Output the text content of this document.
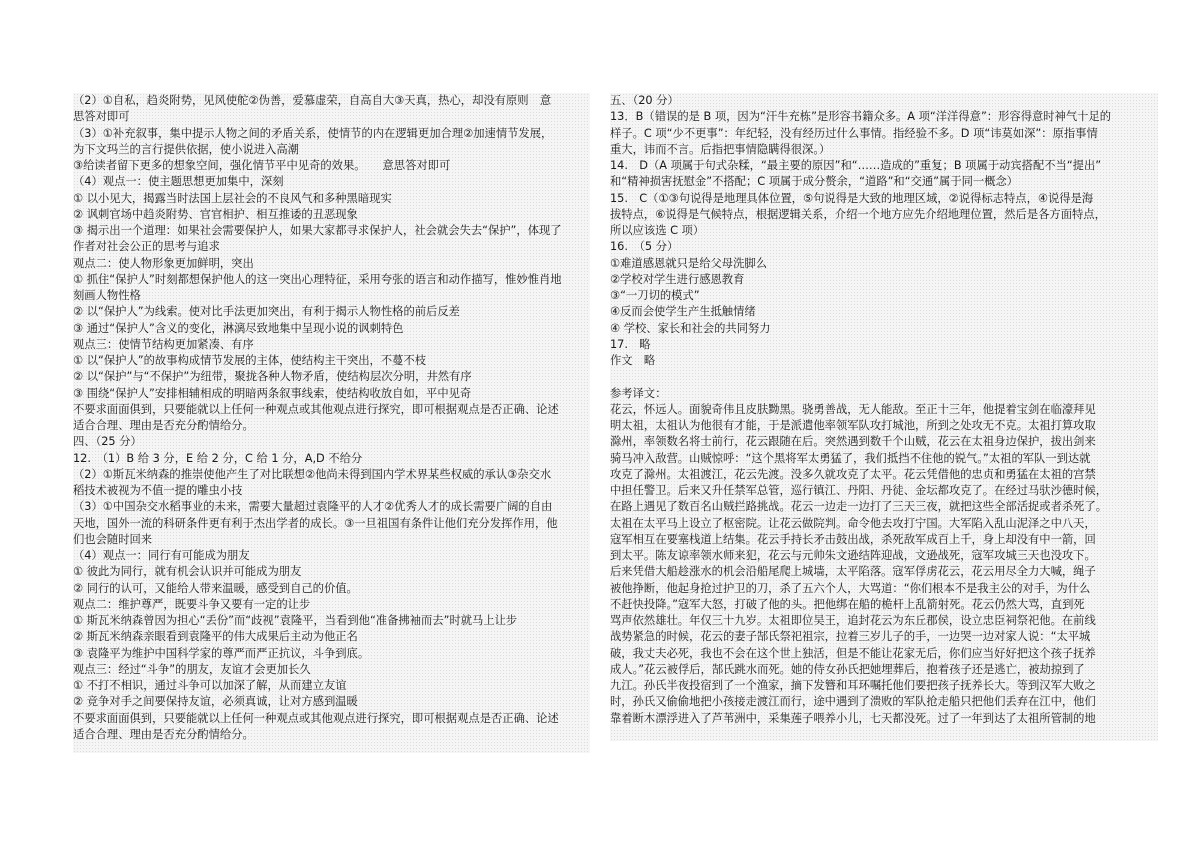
（2）①自私，趋炎附势，见风使舵②伪善，爱慕虚荣，自高自大③天真，热心，却没有原则　意
思答对即可
（3）①补充叙事，集中提示人物之间的矛盾关系，使情节的内在逻辑更加合理②加速情节发展，
为下文玛兰的言行提供依据，使小说进入高潮
③给读者留下更多的想象空间，强化情节平中见奇的效果。　　意思答对即可
（4）观点一：使主题思想更加集中，深刻
① 以小见大，揭露当时法国上层社会的不良风气和多种黑暗现实
② 讽刺官场中趋炎附势、官官相护、相互推诿的丑恶现象
③ 揭示出一个道理：如果社会需要保护人，如果大家都寻求保护人，社会就会失去“保护”，体现了
作者对社会公正的思考与追求
观点二：使人物形象更加鲜明，突出
① 抓住“保护人”时刻都想保护他人的这一突出心理特征，采用夸张的语言和动作描写，惟妙惟肖地
刻画人物性格
② 以“保护人”为线索。使对比手法更加突出，有利于揭示人物性格的前后反差
③ 通过“保护人”含义的变化，淋漓尽致地集中呈现小说的讽刺特色
观点三：使情节结构更加紧凑、有序
① 以“保护人”的故事构成情节发展的主体，使结构主干突出，不蔓不枝
② 以“保护”与“不保护”为纽带，聚拢各种人物矛盾，使结构层次分明，井然有序
③ 围绕“保护人”安排相辅相成的明暗两条叙事线索，使结构收放自如，平中见奇
不要求面面俱到，只要能就以上任何一种观点或其他观点进行探究，即可根据观点是否正确、论述
适合合理、理由是否充分酌情给分。
四、（25 分）
12.　（1）B 给 3 分，E 给 2 分，C 给 1 分，A,D 不给分
（2）①斯瓦米纳森的推崇使他产生了对比联想②他尚未得到国内学术界某些权威的承认③杂交水
稻技术被视为不值一提的雕虫小技
（3）①中国杂交水稻事业的未来，需要大量超过袁隆平的人才②优秀人才的成长需要广阔的自由
天地，国外一流的科研条件更有利于杰出学者的成长。③一旦祖国有条件让他们充分发挥作用，他
们也会随时回来
（4）观点一：同行有可能成为朋友
① 彼此为同行，就有机会认识并可能成为朋友
② 同行的认可，又能给人带来温暖，感受到自己的价值。
观点二：维护尊严，既要斗争又要有一定的让步
① 斯瓦米纳森曾因为担心“丢份”而“歧视”袁隆平，当看到他“准备拂袖而去”时就马上让步
② 斯瓦米纳森亲眼看到袁隆平的伟大成果后主动为他正名
③ 袁隆平为维护中国科学家的尊严而严正抗议，斗争到底。
观点三：经过“斗争”的朋友，友谊才会更加长久
① 不打不相识，通过斗争可以加深了解，从而建立友谊
② 竞争对手之间要保持友谊，必须真诚，让对方感到温暖
不要求面面俱到，只要能就以上任何一种观点或其他观点进行探究，即可根据观点是否正确、论述
适合合理、理由是否充分酌情给分。
五、（20 分）
13．B（错误的是 B 项，因为“汗牛充栋”是形容书籍众多。A 项“洋洋得意”：形容得意时神气十足的
样子。C 项“少不更事”：年纪轻，没有经历过什么事情。指经验不多。D 项“讳莫如深”：原指事情
重大，讳而不言。后指把事情隐瞒得很深。）
14.　D（A 项属于句式杂糅，“最主要的原因”和“……造成的”重复；B 项属于动宾搭配不当“提出”
和“精神损害抚慰金”不搭配；C 项属于成分赘余，“道路”和“交通”属于同一概念）
15.　C（①③句说得是地理具体位置，⑤句说得是大致的地理区域，②说得标志特点，④说得是海
拔特点，⑥说得是气候特点，根据逻辑关系，介绍一个地方应先介绍地理位置，然后是各方面特点，
所以应该选 C 项）
16.　（5 分）
①难道感恩就只是给父母洗脚么
②学校对学生进行感恩教育
③“一刀切的模式”
④反而会使学生产生抵触情绪
④ 学校、家长和社会的共同努力
17.　略
作文　略
参考译文：
花云，怀远人。面貌奇伟且皮肤黝黑。骁勇善战，无人能敌。至正十三年，他提着宝剑在临濠拜见
明太祖，太祖认为他很有才能，于是派遣他率领军队攻打城池，所到之处攻无不克。太祖打算攻取
滁州，率领数名将士前行，花云跟随在后。突然遇到数千个山贼，花云在太祖身边保护，拔出剑来
骑马冲入敌营。山贼惊呼：“这个黑将军太勇猛了，我们抵挡不住他的锐气。”太祖的军队一到达就
攻克了滁州。太祖渡江，花云先渡。没多久就攻克了太平。花云凭借他的忠贞和勇猛在太祖的宫禁
中担任警卫。后来又升任禁军总管，巡行镇江、丹阳、丹徒、金坛都攻克了。在经过马驮沙德时候，
在路上遇见了数百名山贼拦路挑战。花云一边走一边打了三天三夜，就把这些全部活捉或者杀死了。
太祖在太平马上设立了枢密院。让花云做院判。命令他去攻打宁国。大军陷入乱山泥泽之中八天，
寇军相互在要塞栈道上结集。花云手持长矛击鼓出战，杀死敌军成百上千，身上却没有中一箭，回
到太平。陈友谅率领水师来犯，花云与元帅朱文逊结阵迎战，文逊战死，寇军攻城三天也没攻下。
后来凭借大船趁涨水的机会沿船尾爬上城墙，太平陷落。寇军俘虏花云，花云用尽全力大喊，绳子
被他挣断，他起身抢过护卫的刀，杀了五六个人，大骂道：“你们根本不是我主公的对手，为什么
不赶快投降。”寇军大怒，打破了他的头。把他绑在船的桅杆上乱箭射死。花云仍然大骂，直到死
骂声依然雄壮。年仅三十九岁。太祖即位吴王，追封花云为东丘郡侯，设立忠臣祠祭祀他。在前线
战势紧急的时候，花云的妻子郜氏祭祀祖宗，拉着三岁儿子的手，一边哭一边对家人说：“太平城
破，我丈夫必死，我也不会在这个世上独活，但是不能让花家无后，你们应当好好把这个孩子抚养
成人。”花云被俘后，郜氏跳水而死。她的侍女孙氏把她埋葬后，抱着孩子还是逃亡，被劫掠到了
九江。孙氏半夜投宿到了一个渔家，摘下发簪和耳环嘱托他们要把孩子抚养长大。等到汉军大败之
时，孙氏又偷偷地把小孩接走渡江而行，途中遇到了溃败的军队抢走船只把他们丢弃在江中，他们
靠着断木漂浮进入了芦苇洲中，采集莲子喂养小儿，七天都没死。过了一年到达了太祖所管制的地
